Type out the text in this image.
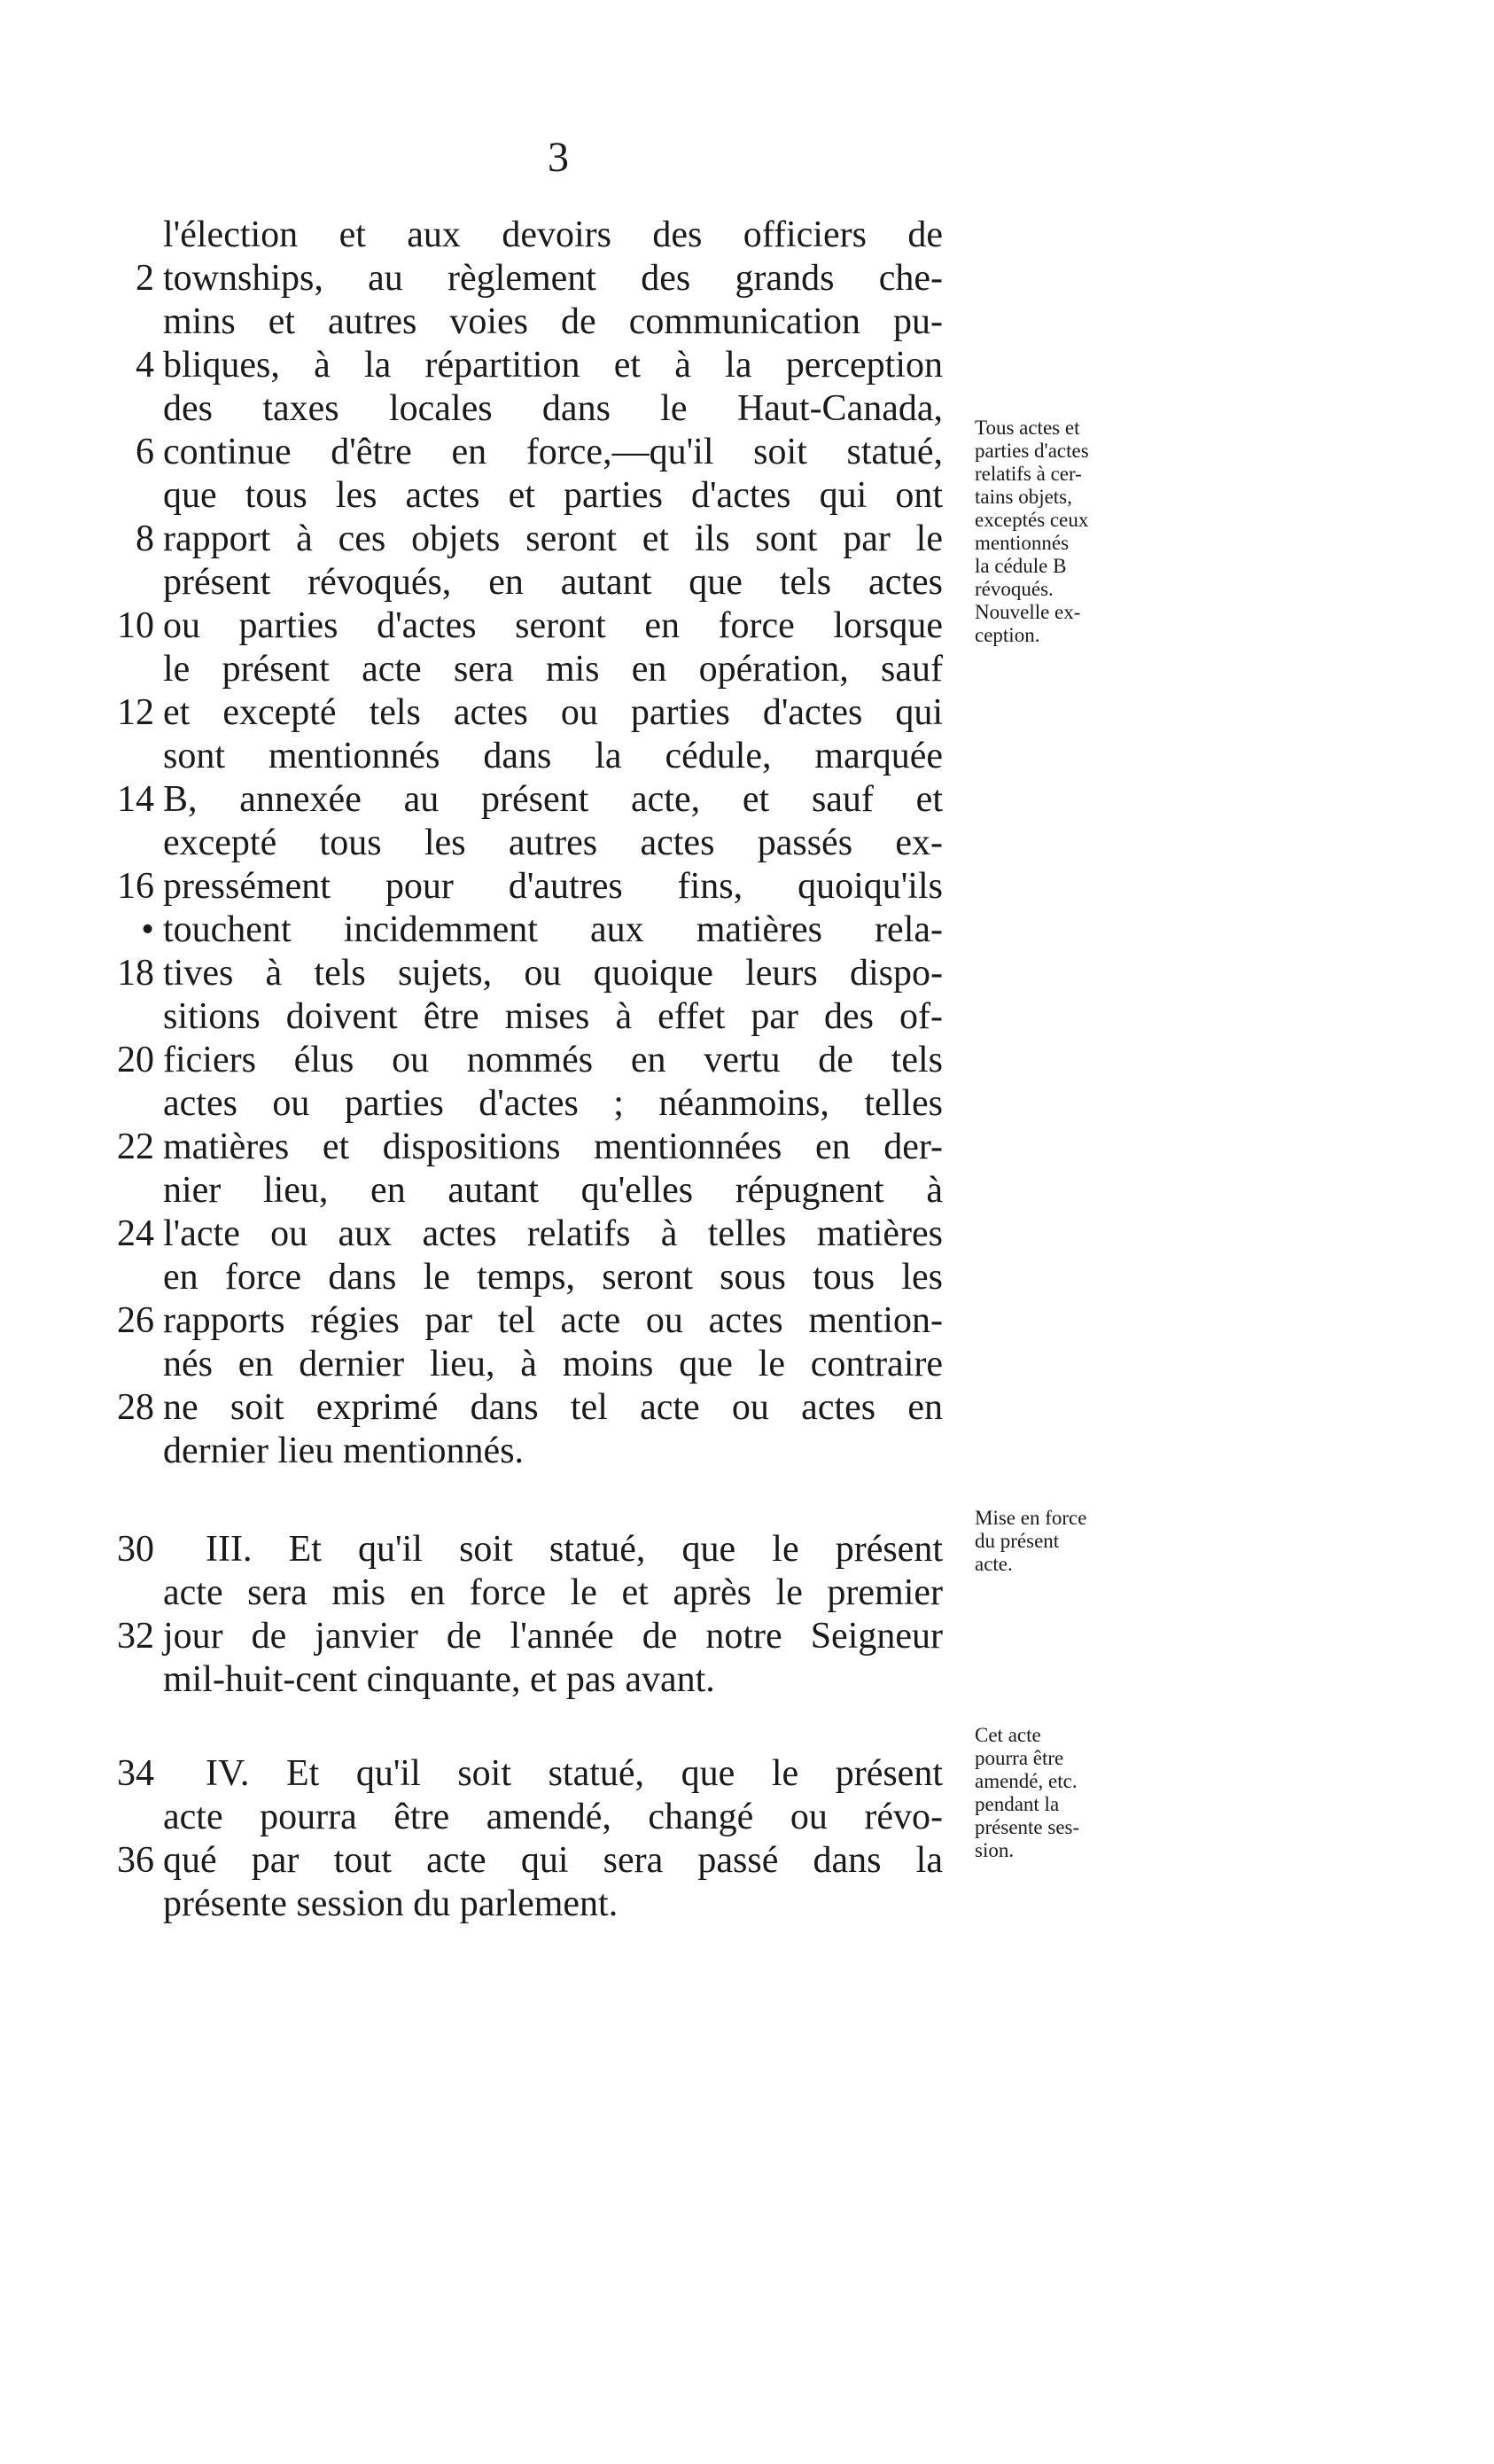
3
l'élection et aux devoirs des officiers de
2 townships, au règlement des grands che-
mins et autres voies de communication pu-
4 bliques, à la répartition et à la perception
des taxes locales dans le Haut-Canada,
6 continue d'être en force,—qu'il soit statué,
que tous les actes et parties d'actes qui ont
8 rapport à ces objets seront et ils sont par le
présent révoqués, en autant que tels actes
10 ou parties d'actes seront en force lorsque
le présent acte sera mis en opération, sauf
12 et excepté tels actes ou parties d'actes qui
sont mentionnés dans la cédule, marquée
14 B, annexée au présent acte, et sauf et
excepté tous les autres actes passés ex-
16 pressément pour d'autres fins, quoiqu'ils
• touchent incidemment aux matières rela-
18 tives à tels sujets, ou quoique leurs dispo-
sitions doivent être mises à effet par des of-
20 ficiers élus ou nommés en vertu de tels
actes ou parties d'actes ; néanmoins, telles
22 matières et dispositions mentionnées en der-
nier lieu, en autant qu'elles répugnent à
24 l'acte ou aux actes relatifs à telles matières
en force dans le temps, seront sous tous les
26 rapports régies par tel acte ou actes mention-
nés en dernier lieu, à moins que le contraire
28 ne soit exprimé dans tel acte ou actes en
dernier lieu mentionnés.
30	III. Et qu'il soit statué, que le présent
acte sera mis en force le et après le premier
32 jour de janvier de l'année de notre Seigneur
mil-huit-cent cinquante, et pas avant.
34	IV. Et qu'il soit statué, que le présent
acte pourra être amendé, changé ou révo-
36 qué par tout acte qui sera passé dans la
présente session du parlement.
Tous actes et
parties d'actes
relatifs à cer-
tains objets,
exceptés ceux
mentionnés
la cédule B
révoqués.
Nouvelle ex-
ception.
Mise en force
du présent
acte.
Cet acte
pourra être
amendé, etc.
pendant la
présente ses-
sion.
